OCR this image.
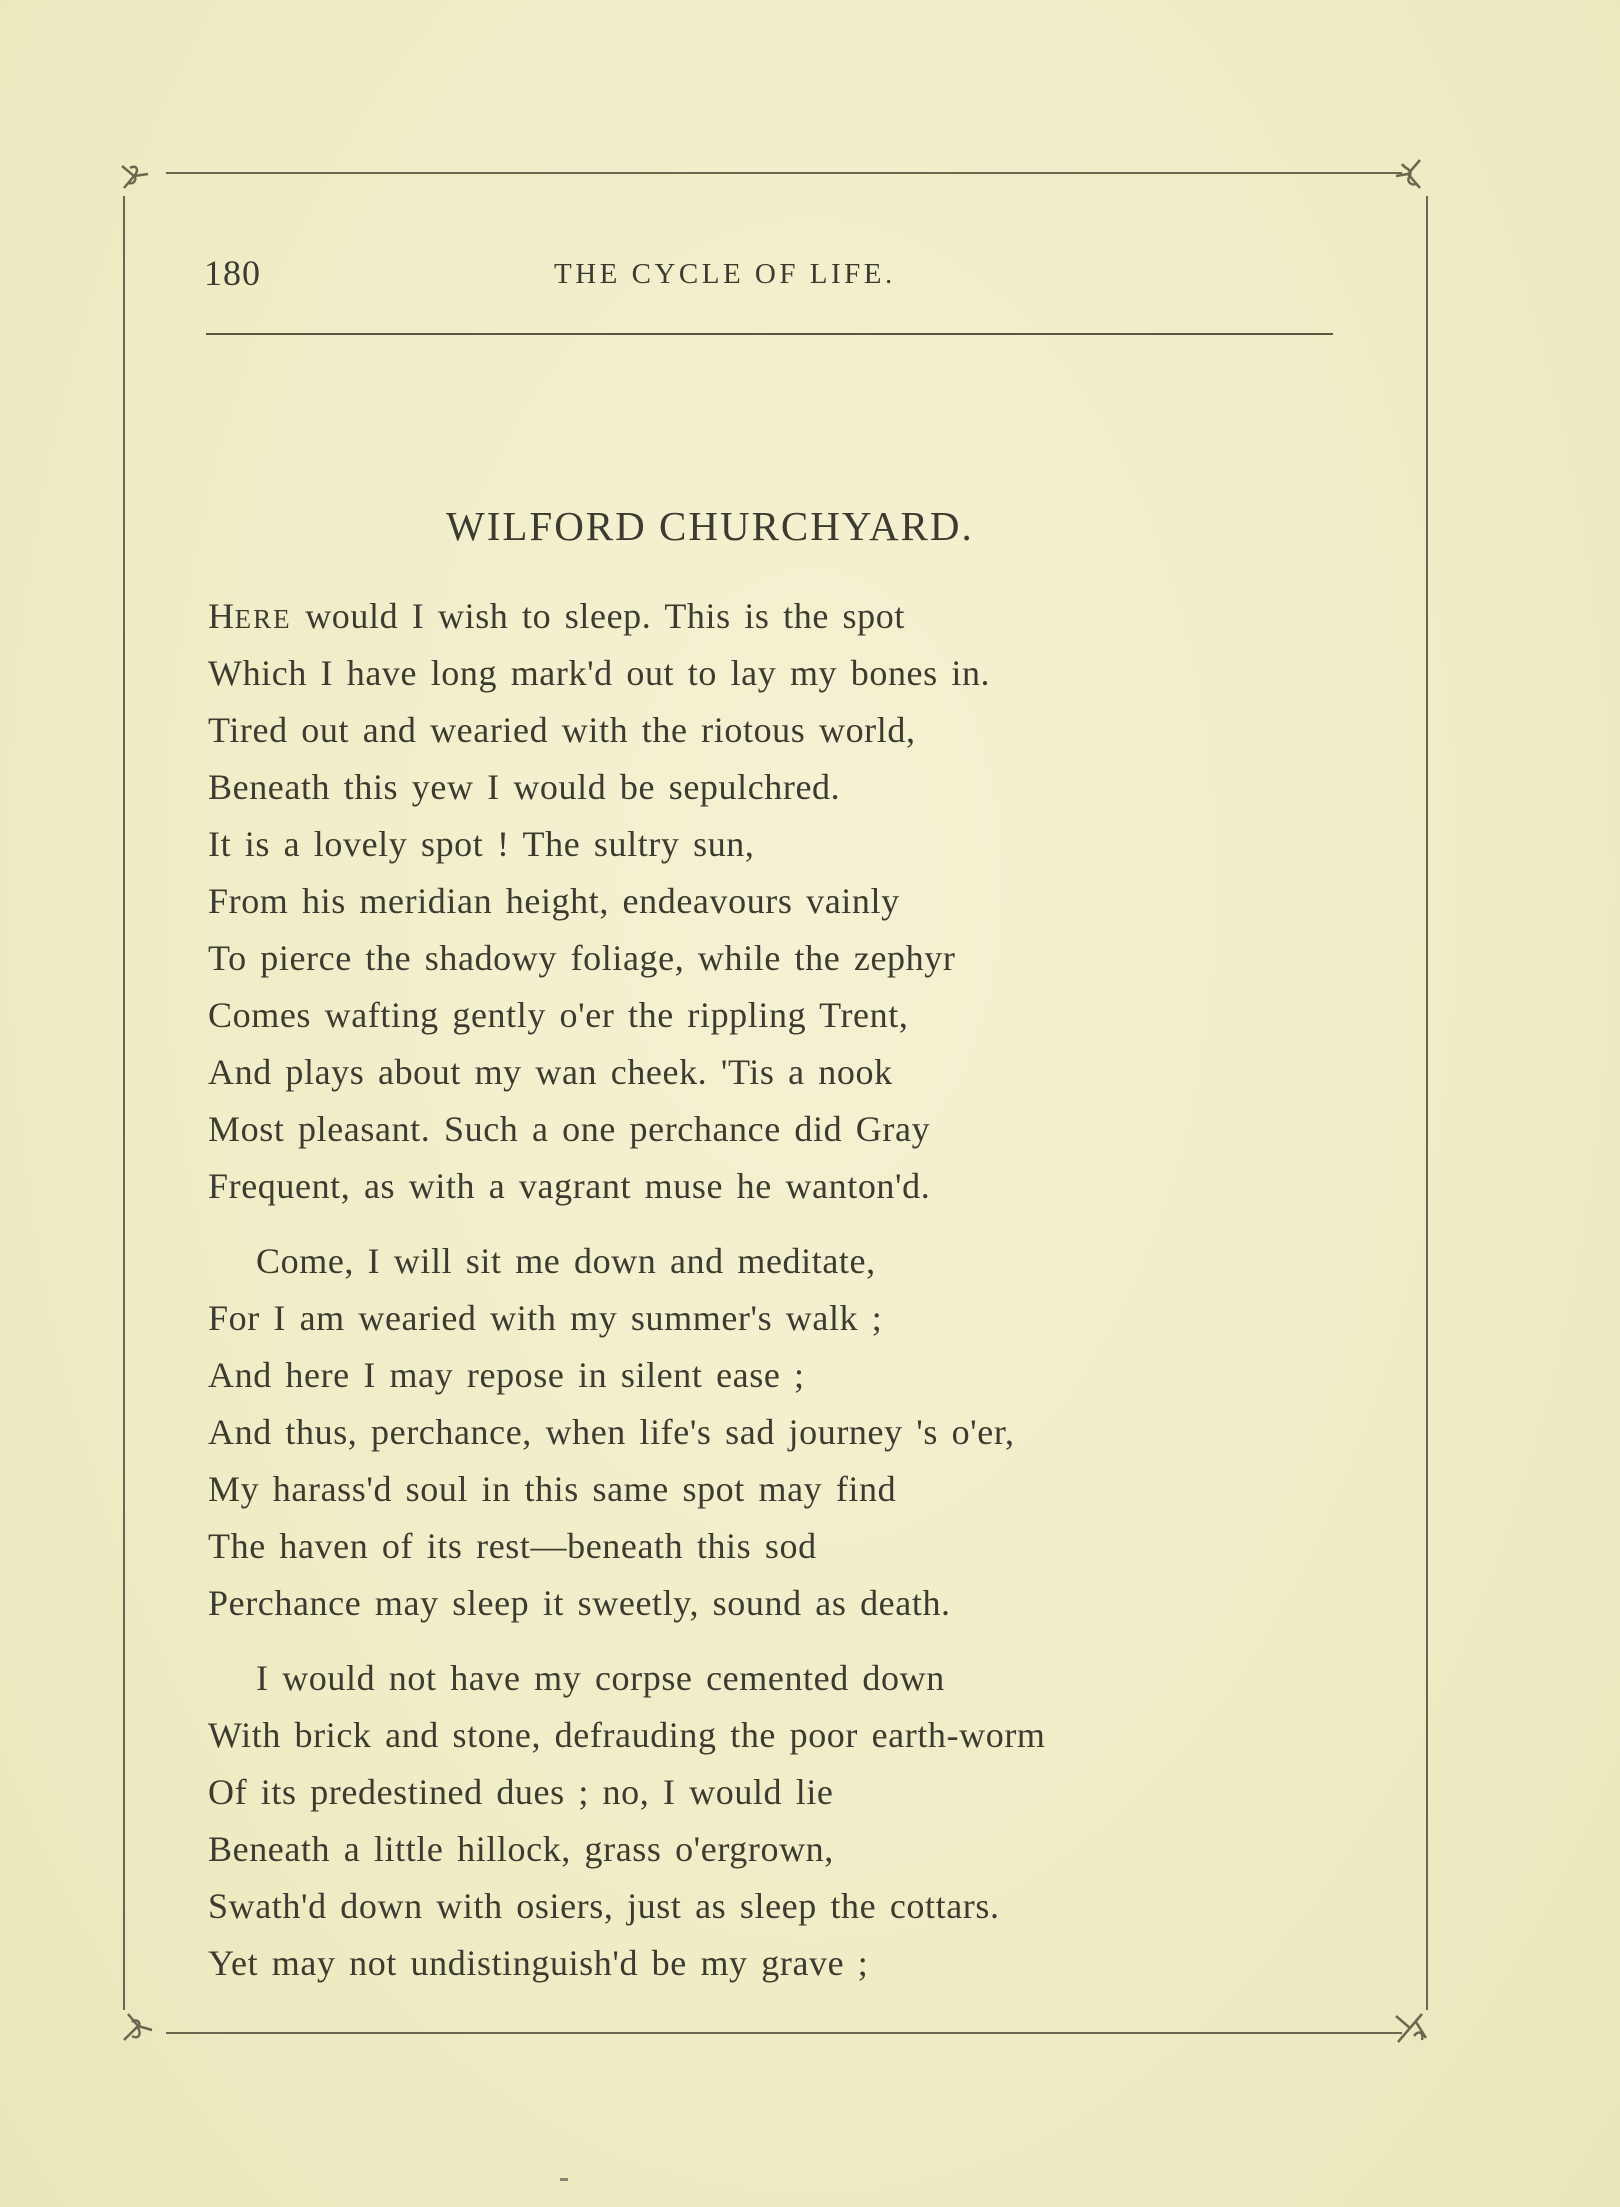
180	THE CYCLE OF LIFE.
WILFORD CHURCHYARD.
HERE would I wish to sleep. This is the spot
Which I have long mark'd out to lay my bones in.
Tired out and wearied with the riotous world,
Beneath this yew I would be sepulchred.
It is a lovely spot ! The sultry sun,
From his meridian height, endeavours vainly
To pierce the shadowy foliage, while the zephyr
Comes wafting gently o'er the rippling Trent,
And plays about my wan cheek. 'Tis a nook
Most pleasant. Such a one perchance did Gray
Frequent, as with a vagrant muse he wanton'd.
Come, I will sit me down and meditate,
For I am wearied with my summer's walk ;
And here I may repose in silent ease ;
And thus, perchance, when life's sad journey 's o'er,
My harass'd soul in this same spot may find
The haven of its rest—beneath this sod
Perchance may sleep it sweetly, sound as death.
I would not have my corpse cemented down
With brick and stone, defrauding the poor earth-worm
Of its predestined dues ; no, I would lie
Beneath a little hillock, grass o'ergrown,
Swath'd down with osiers, just as sleep the cottars.
Yet may not undistinguish'd be my grave ;
